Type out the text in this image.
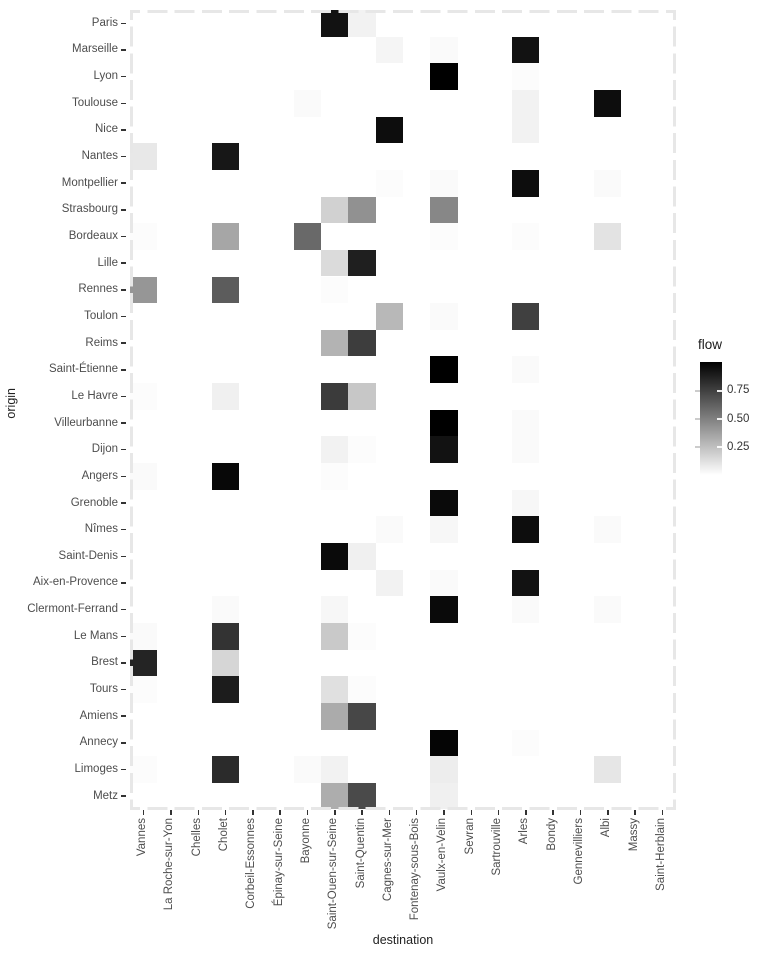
Paris
Marseille
Lyon
Toulouse
Nice
Nantes
Montpellier
Strasbourg
Bordeaux
Lille
Rennes
Toulon
Reims
Saint-Étienne
Le Havre
Villeurbanne
Dijon
Angers
Grenoble
Nîmes
Saint-Denis
Aix-en-Provence
Clermont-Ferrand
Le Mans
Brest
Tours
Amiens
Annecy
Limoges
Metz
Vannes La Roche-sur-Yon Chelles Cholet Corbeil-Essonnes Épinay-sur-Seine Bayonne Saint-Ouen-sur-Seine Saint-Quentin Cagnes-sur-Mer Fontenay-sous-Bois Vaulx-en-Velin Sevran Sartrouville Arles Bondy Gennevilliers Albi Massy Saint-Herblain
origin
destination
flow
0.75
0.50
0.25
